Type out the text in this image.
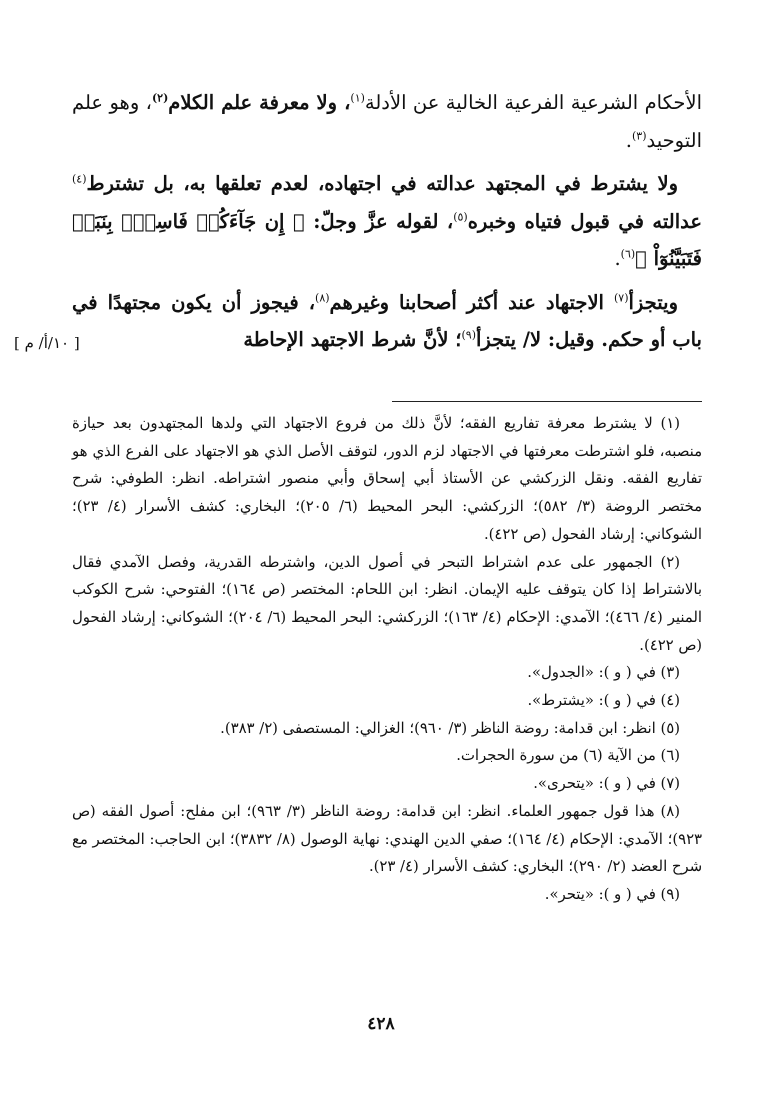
الأحكام الشرعية الفرعية الخالية عن الأدلة$^{(١)}$، ولا معرفة علم الكلام$^{(٢)}$، وهو علم التوحيد$^{(٣)}$.

ولا يشترط في المجتهد عدالته في اجتهاده، لعدم تعلقها به، بل تشترط$^{(٤)}$ عدالته في قبول فتياه وخبره$^{(٥)}$، لقوله عزَّ وجلّ: ﴿ إِن جَآءَكُمۡ فَاسِقُۢ بِنَبَإٖ فَتَبَيَّنُوٓاْ ﴾$^{(٦)}$.

ويتجزأ$^{(٧)}$ الاجتهاد عند أكثر أصحابنا وغيرهم$^{(٨)}$، فيجوز أن يكون مجتهدًا في باب أو حكم. وقيل: لا/ يتجزأ$^{(٩)}$؛ لأنَّ شرط الاجتهد الإحاطة

[ ١٠/أ/ م ]

(١) لا يشترط معرفة تفاريع الفقه؛ لأنَّ ذلك من فروع الاجتهاد التي ولدها المجتهدون بعد حيازة منصبه، فلو اشترطت معرفتها في الاجتهاد لزم الدور، لتوقف الأصل الذي هو الاجتهاد على الفرع الذي هو تفاريع الفقه. ونقل الزركشي عن الأستاذ أبي إسحاق وأبي منصور اشتراطه. انظر: الطوفي: شرح مختصر الروضة (٣/ ٥٨٢)؛ الزركشي: البحر المحيط (٦/ ٢٠٥)؛ البخاري: كشف الأسرار (٤/ ٢٣)؛ الشوكاني: إرشاد الفحول (ص ٤٢٢).

(٢) الجمهور على عدم اشتراط التبحر في أصول الدين، واشترطه القدرية، وفصل الآمدي فقال بالاشتراط إذا كان يتوقف عليه الإيمان. انظر: ابن اللحام: المختصر (ص ١٦٤)؛ الفتوحي: شرح الكوكب المنير (٤/ ٤٦٦)؛ الآمدي: الإحكام (٤/ ١٦٣)؛ الزركشي: البحر المحيط (٦/ ٢٠٤)؛ الشوكاني: إرشاد الفحول (ص ٤٢٢).

(٣) في ( و ): «الجدول».

(٤) في ( و ): «يشترط».

(٥) انظر: ابن قدامة: روضة الناظر (٣/ ٩٦٠)؛ الغزالي: المستصفى (٢/ ٣٨٣).

(٦) من الآية (٦) من سورة الحجرات.

(٧) في ( و ): «يتحرى».

(٨) هذا قول جمهور العلماء. انظر: ابن قدامة: روضة الناظر (٣/ ٩٦٣)؛ ابن مفلح: أصول الفقه (ص ٩٢٣)؛ الآمدي: الإحكام (٤/ ١٦٤)؛ صفي الدين الهندي: نهاية الوصول (٨/ ٣٨٣٢)؛ ابن الحاجب: المختصر مع شرح العضد (٢/ ٢٩٠)؛ البخاري: كشف الأسرار (٤/ ٢٣).

(٩) في ( و ): «يتحر».

٤٢٨
